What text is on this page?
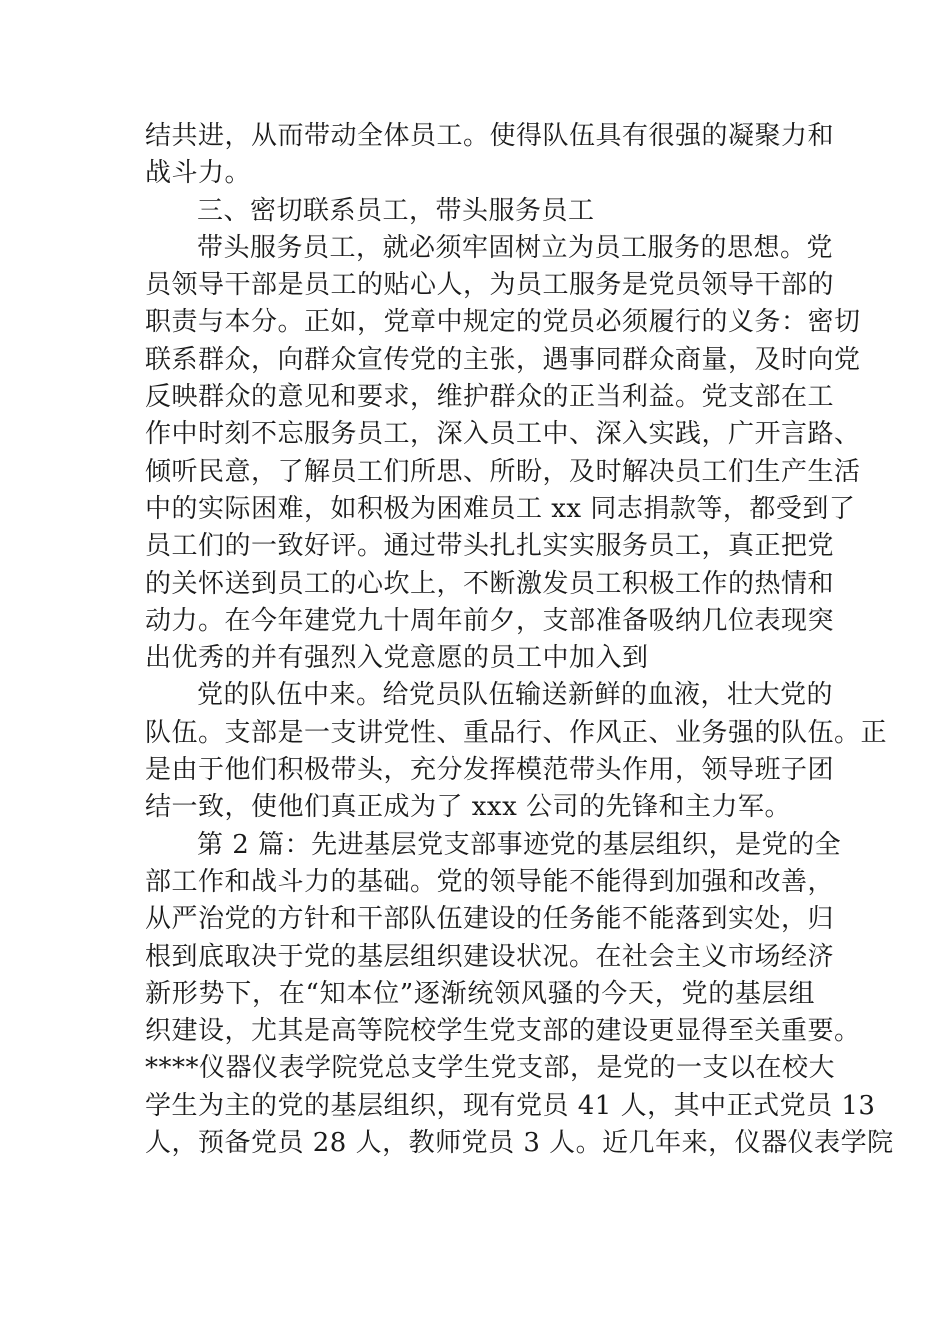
结共进，从而带动全体员工。使得队伍具有很强的凝聚力和
战斗力。
三、密切联系员工，带头服务员工
带头服务员工，就必须牢固树立为员工服务的思想。党
员领导干部是员工的贴心人，为员工服务是党员领导干部的
职责与本分。正如，党章中规定的党员必须履行的义务：密切
联系群众，向群众宣传党的主张，遇事同群众商量，及时向党
反映群众的意见和要求，维护群众的正当利益。党支部在工
作中时刻不忘服务员工，深入员工中、深入实践，广开言路、
倾听民意，了解员工们所思、所盼，及时解决员工们生产生活
中的实际困难，如积极为困难员工 xx 同志捐款等，都受到了
员工们的一致好评。通过带头扎扎实实服务员工，真正把党
的关怀送到员工的心坎上，不断激发员工积极工作的热情和
动力。在今年建党九十周年前夕，支部准备吸纳几位表现突
出优秀的并有强烈入党意愿的员工中加入到
党的队伍中来。给党员队伍输送新鲜的血液，壮大党的
队伍。支部是一支讲党性、重品行、作风正、业务强的队伍。正
是由于他们积极带头，充分发挥模范带头作用，领导班子团
结一致，使他们真正成为了 xxx 公司的先锋和主力军。
第 2 篇：先进基层党支部事迹党的基层组织，是党的全
部工作和战斗力的基础。党的领导能不能得到加强和改善，
从严治党的方针和干部队伍建设的任务能不能落到实处，归
根到底取决于党的基层组织建设状况。在社会主义市场经济
新形势下，在“知本位”逐渐统领风骚的今天，党的基层组
织建设，尤其是高等院校学生党支部的建设更显得至关重要。
****仪器仪表学院党总支学生党支部，是党的一支以在校大
学生为主的党的基层组织，现有党员 41 人，其中正式党员 13
人，预备党员 28 人，教师党员 3 人。近几年来，仪器仪表学院
